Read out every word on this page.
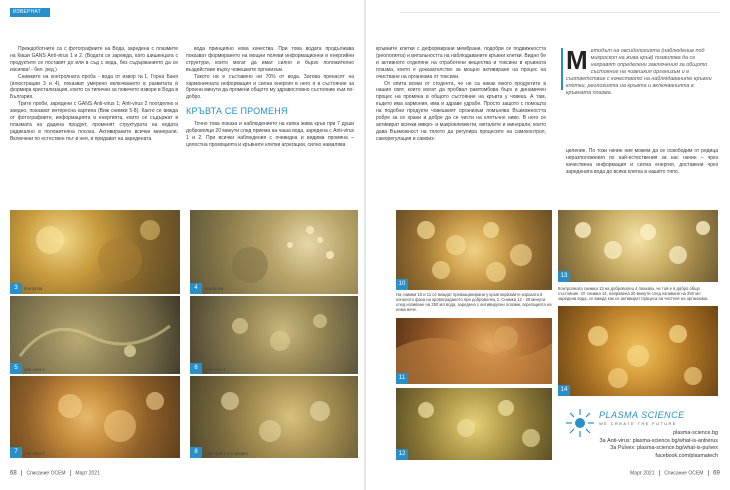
ИЗВЕРНАТ

Преждоботните са с фотографиите на Вода, заредена с плазмите на Киши GANS Anti-virus 1 и 2. (Водата се зарежда, като шишенцата с продуктите се поставят до или в съд с вода, без съдържанието да се изсипва! - бел. ред.)

Снимките на контролната проба - вода от извор №1, Горна Баня (илюстрации 3 и 4), показват умерено включването в развитата ѝ формира кристализация, които са типични за повечето извори в Бода в България.

Трите проби, заредени с GANS Anti-virus 1; Anti-virus 2 поотделно и заедно, показват интересна картина (Виж снимки 5-8). Както се вижда от фотографиите, информацията и енергията, които се съдържат в плазмата на дадена продукт, променят структурата на водата радикално в положителна посока. Активираните всички минерали. Включени по естествен път в нея, и придават на заредената

вода принципно нова качества. При това водата продължава показват формирането на мощни полеви информационни и енергийни структури, които могат да имат силно и бързо положително въздействие върху човешките организъм.

Такото ни е съставено ни 70% от вода. Затова пренасят на хармоничната информация и силна енергия в него я в състояние за броени минути да промени общото му здравословно състояние към по-добро.

КРЪВТА СЕ ПРОМЕНЯ

Точно това показа и наблюдението на капка жива кръв при 7 души доброволци 20 минути след приема на чаша вода, заредена с Anti-virus 1 и 2. При всички наблюдения с очевидна и видима промяна – цялостна промоцията и кръвните клетки агрегации, силно намалява

3	Контрола	4	Контрола
5	Anti-virus 1	6	Anti-virus 1
7	Anti-virus 2	8	Anti-virus 1 и 2 заедно
68 Списание ОСЕМ Март 2021

кръвните клетки с деформирани мембрани, подобри се подвижността (реологията) и витальността на наблюдаваните кръвни клетки. Видно бе и активното отделяне на отработени вещества и токсини в кръвната плазма, което е доказателство за мощно активиране на процес на очистване на организма от токсини.

От опита всеки от стодента, че не са никак много продуктите в нашия свят, които могат да пробвал рамтомбова бърз и динамичен процес на промяна в общото състояние на кръвта у човека. А там, където има хармония, има и здраве удрабе. Просто защото с помощта на подобни продукти човешкият организъм помънява Възможността робре за се храни и добре да се чисти на клетъчно ниво. В него се активират всички микро- и макроелементи, металите и минерали, които дава Възможност на тялото да регулира процесите на самоконтрол, саморегулация и самоиз-

М етодът на оксидологията (наблюдение под микроскоп на жива кръв) позволява да се направят определени заключения за общото състояние на човешкия организъм и е съответствие с качеството на наблюдаваните кръвни клетки, реологията на кръвта и включванията в кръвната плазма.

целение. По този начин ние можем да се освободим от редица неразположения по най-естествения за нас начин – чрез качествена информация и силна енергия, доставени чрез заредената вода до всяка клетка в нашето тяло.

10
13
На снимки 10 и 11 се виждат превакцинирани у кръвгоиризмите изразата в началото фаза на кровоградането при доброволец 2. Снимка 12 - 20 минути след изпиване на 250 мл вода, заредена с антивирусни плазми, агрегацията на нема вече.
Контролната снимка 13 на доброволец 4 показва, че той е в добро общо състояние. От снимка 14, направена 20 минути след изпиване на 250 мл заредена вода, се вижда как се активират процеса на чистене на организма.
11
14
12
PLASMA SCIENCE
WE CREATE THE FUTURE
plasma-science.bg
За Anti-virus: plasma-science.bg/what-is-antivirus
За Pulvex: plasma-science.bg/what-is-pulvex
facebook.com/plasmatech
Март 2021 Списание ОСЕМ 69
